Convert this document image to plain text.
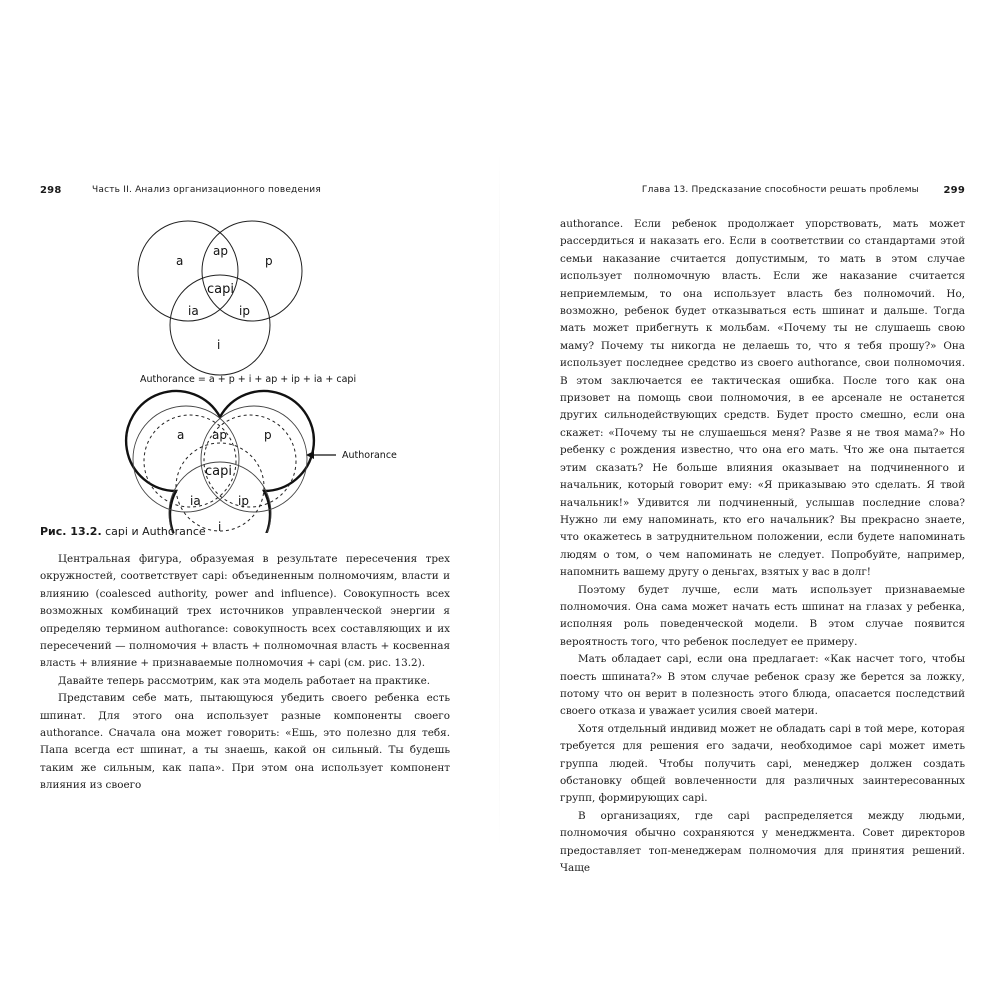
298	Часть II. Анализ организационного поведения
a	p
ap
capi
ia	ip
i
Authorance = a + p + i + ap + ip + ia + capi
a	p
ap
capi
ia	ip
i
Authorance
Рис. 13.2. capi и Authorance

Центральная фигура, образуемая в результате пересечения трех окружностей, соответствует capi: объединенным полномочиям, власти и влиянию (coalesced authority, power and influence). Совокупность всех возможных комбинаций трех источников управленческой энергии я определяю термином authorance: совокупность всех составляющих и их пересечений — полномочия + власть + полномочная власть + косвенная власть + влияние + признаваемые полномочия + capi (см. рис. 13.2).

Давайте теперь рассмотрим, как эта модель работает на практике.

Представим себе мать, пытающуюся убедить своего ребенка есть шпинат. Для этого она использует разные компоненты своего authorance. Сначала она может говорить: «Ешь, это полезно для тебя. Папа всегда ест шпинат, а ты знаешь, какой он сильный. Ты будешь таким же сильным, как папа». При этом она использует компонент влияния из своего

Глава 13. Предсказание способности решать проблемы 299

authorance. Если ребенок продолжает упорствовать, мать может рассердиться и наказать его. Если в соответствии со стандартами этой семьи наказание считается допустимым, то мать в этом случае использует полномочную власть. Если же наказание считается неприемлемым, то она использует власть без полномочий. Но, возможно, ребенок будет отказываться есть шпинат и дальше. Тогда мать может прибегнуть к мольбам. «Почему ты не слушаешь свою маму? Почему ты никогда не делаешь то, что я тебя прошу?» Она использует последнее средство из своего authorance, свои полномочия. В этом заключается ее тактическая ошибка. После того как она призовет на помощь свои полномочия, в ее арсенале не останется других сильнодействующих средств. Будет просто смешно, если она скажет: «Почему ты не слушаешься меня? Разве я не твоя мама?» Но ребенку с рождения известно, что она его мать. Что же она пытается этим сказать? Не больше влияния оказывает на подчиненного и начальник, который говорит ему: «Я приказываю это сделать. Я твой начальник!» Удивится ли подчиненный, услышав последние слова? Нужно ли ему напоминать, кто его начальник? Вы прекрасно знаете, что окажетесь в затруднительном положении, если будете напоминать людям о том, о чем напоминать не следует. Попробуйте, например, напомнить вашему другу о деньгах, взятых у вас в долг!

Поэтому будет лучше, если мать использует признаваемые полномочия. Она сама может начать есть шпинат на глазах у ребенка, исполняя роль поведенческой модели. В этом случае появится вероятность того, что ребенок последует ее примеру.

Мать обладает capi, если она предлагает: «Как насчет того, чтобы поесть шпината?» В этом случае ребенок сразу же берется за ложку, потому что он верит в полезность этого блюда, опасается последствий своего отказа и уважает усилия своей матери.

Хотя отдельный индивид может не обладать capi в той мере, которая требуется для решения его задачи, необходимое capi может иметь группа людей. Чтобы получить capi, менеджер должен создать обстановку общей вовлеченности для различных заинтересованных групп, формирующих capi.

В организациях, где capi распределяется между людьми, полномочия обычно сохраняются у менеджмента. Совет директоров предоставляет топ-менеджерам полномочия для принятия решений. Чаще
